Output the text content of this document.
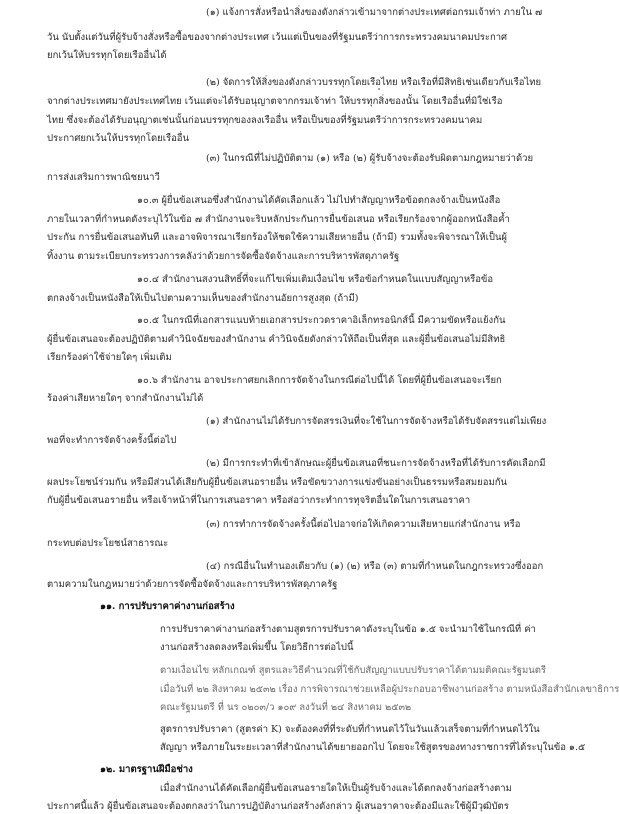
(๑) แจ้งการสั่งหรือนำสิ่งของดังกล่าวเข้ามาจากต่างประเทศต่อกรมเจ้าท่า ภายใน ๗
วัน นับตั้งแต่วันที่ผู้รับจ้างสั่งหรือซื้อของจากต่างประเทศ เว้นแต่เป็นของที่รัฐมนตรีว่าการกระทรวงคมนาคมประกาศ
ยกเว้นให้บรรทุกโดยเรืออื่นได้
(๒) จัดการให้สิ่งของดังกล่าวบรรทุกโดยเรือไทย หรือเรือที่มีสิทธิเช่นเดียวกับเรือไทย
จากต่างประเทศมายังประเทศไทย เว้นแต่จะได้รับอนุญาตจากกรมเจ้าท่า ให้บรรทุกสิ่งของนั้น โดยเรืออื่นที่มิใช่เรือ
ไทย ซึ่งจะต้องได้รับอนุญาตเช่นนั้นก่อนบรรทุกของลงเรืออื่น หรือเป็นของที่รัฐมนตรีว่าการกระทรวงคมนาคม
ประกาศยกเว้นให้บรรทุกโดยเรืออื่น
(๓) ในกรณีที่ไม่ปฏิบัติตาม (๑) หรือ (๒) ผู้รับจ้างจะต้องรับผิดตามกฎหมายว่าด้วย
การส่งเสริมการพาณิชยนาวี
๑๐.๓ ผู้ยื่นข้อเสนอซึ่งสำนักงานได้คัดเลือกแล้ว ไม่ไปทำสัญญาหรือข้อตกลงจ้างเป็นหนังสือ
ภายในเวลาที่กำหนดดังระบุไว้ในข้อ ๗ สำนักงานจะริบหลักประกันการยื่นข้อเสนอ หรือเรียกร้องจากผู้ออกหนังสือค้ำ
ประกัน การยื่นข้อเสนอทันที และอาจพิจารณาเรียกร้องให้ชดใช้ความเสียหายอื่น (ถ้ามี) รวมทั้งจะพิจารณาให้เป็นผู้
ทิ้งงาน ตามระเบียบกระทรวงการคลังว่าด้วยการจัดซื้อจัดจ้างและการบริหารพัสดุภาครัฐ
๑๐.๔ สำนักงานสงวนสิทธิ์ที่จะแก้ไขเพิ่มเติมเงื่อนไข หรือข้อกำหนดในแบบสัญญาหรือข้อ
ตกลงจ้างเป็นหนังสือให้เป็นไปตามความเห็นของสำนักงานอัยการสูงสุด (ถ้ามี)
๑๐.๕ ในกรณีที่เอกสารแนบท้ายเอกสารประกวดราคาอิเล็กทรอนิกส์นี้ มีความขัดหรือแย้งกัน
ผู้ยื่นข้อเสนอจะต้องปฏิบัติตามคำวินิจฉัยของสำนักงาน คำวินิจฉัยดังกล่าวให้ถือเป็นที่สุด และผู้ยื่นข้อเสนอไม่มีสิทธิ
เรียกร้องค่าใช้จ่ายใดๆ เพิ่มเติม
๑๐.๖ สำนักงาน อาจประกาศยกเลิกการจัดจ้างในกรณีต่อไปนี้ได้ โดยที่ผู้ยื่นข้อเสนอจะเรียก
ร้องค่าเสียหายใดๆ จากสำนักงานไม่ได้
(๑) สำนักงานไม่ได้รับการจัดสรรเงินที่จะใช้ในการจัดจ้างหรือได้รับจัดสรรแต่ไม่เพียง
พอที่จะทำการจัดจ้างครั้งนี้ต่อไป
(๒) มีการกระทำที่เข้าลักษณะผู้ยื่นข้อเสนอที่ชนะการจัดจ้างหรือที่ได้รับการคัดเลือกมี
ผลประโยชน์ร่วมกัน หรือมีส่วนได้เสียกับผู้ยื่นข้อเสนอรายอื่น หรือขัดขวางการแข่งขันอย่างเป็นธรรมหรือสมยอมกัน
กับผู้ยื่นข้อเสนอรายอื่น หรือเจ้าหน้าที่ในการเสนอราคา หรือส่อว่ากระทำการทุจริตอื่นใดในการเสนอราคา
(๓) การทำการจัดจ้างครั้งนี้ต่อไปอาจก่อให้เกิดความเสียหายแก่สำนักงาน หรือ
กระทบต่อประโยชน์สาธารณะ
(๔) กรณีอื่นในทำนองเดียวกับ (๑) (๒) หรือ (๓) ตามที่กำหนดในกฎกระทรวงซึ่งออก
ตามความในกฎหมายว่าด้วยการจัดซื้อจัดจ้างและการบริหารพัสดุภาครัฐ
๑๑. การปรับราคาค่างานก่อสร้าง
การปรับราคาค่างานก่อสร้างตามสูตรการปรับราคาดังระบุในข้อ ๑.๕ จะนำมาใช้ในกรณีที่ ค่า
งานก่อสร้างลดลงหรือเพิ่มขึ้น โดยวิธีการต่อไปนี้
ตามเงื่อนไข หลักเกณฑ์ สูตรและวิธีคำนวณที่ใช้กับสัญญาแบบปรับราคาได้ตามมติคณะรัฐมนตรี
เมื่อวันที่ ๒๒ สิงหาคม ๒๕๓๒ เรื่อง การพิจารณาช่วยเหลือผู้ประกอบอาชีพงานก่อสร้าง ตามหนังสือสำนักเลขาธิการ
คณะรัฐมนตรี ที่ นร ๐๒๐๓/ว ๑๐๙ ลงวันที่ ๒๔ สิงหาคม ๒๕๓๒
สูตรการปรับราคา (สูตรค่า K) จะต้องคงที่ที่ระดับที่กำหนดไว้ในวันแล้วเสร็จตามที่กำหนดไว้ใน
สัญญา หรือภายในระยะเวลาที่สำนักงานได้ขยายออกไป โดยจะใช้สูตรของทางราชการที่ได้ระบุในข้อ ๑.๕
๑๒. มาตรฐานฝีมือช่าง
เมื่อสำนักงานได้คัดเลือกผู้ยื่นข้อเสนอรายใดให้เป็นผู้รับจ้างและได้ตกลงจ้างก่อสร้างตาม
ประกาศนี้แล้ว ผู้ยื่นข้อเสนอจะต้องตกลงว่าในการปฏิบัติงานก่อสร้างดังกล่าว ผู้เสนอราคาจะต้องมีและใช้ผู้มีวุฒิบัตร
